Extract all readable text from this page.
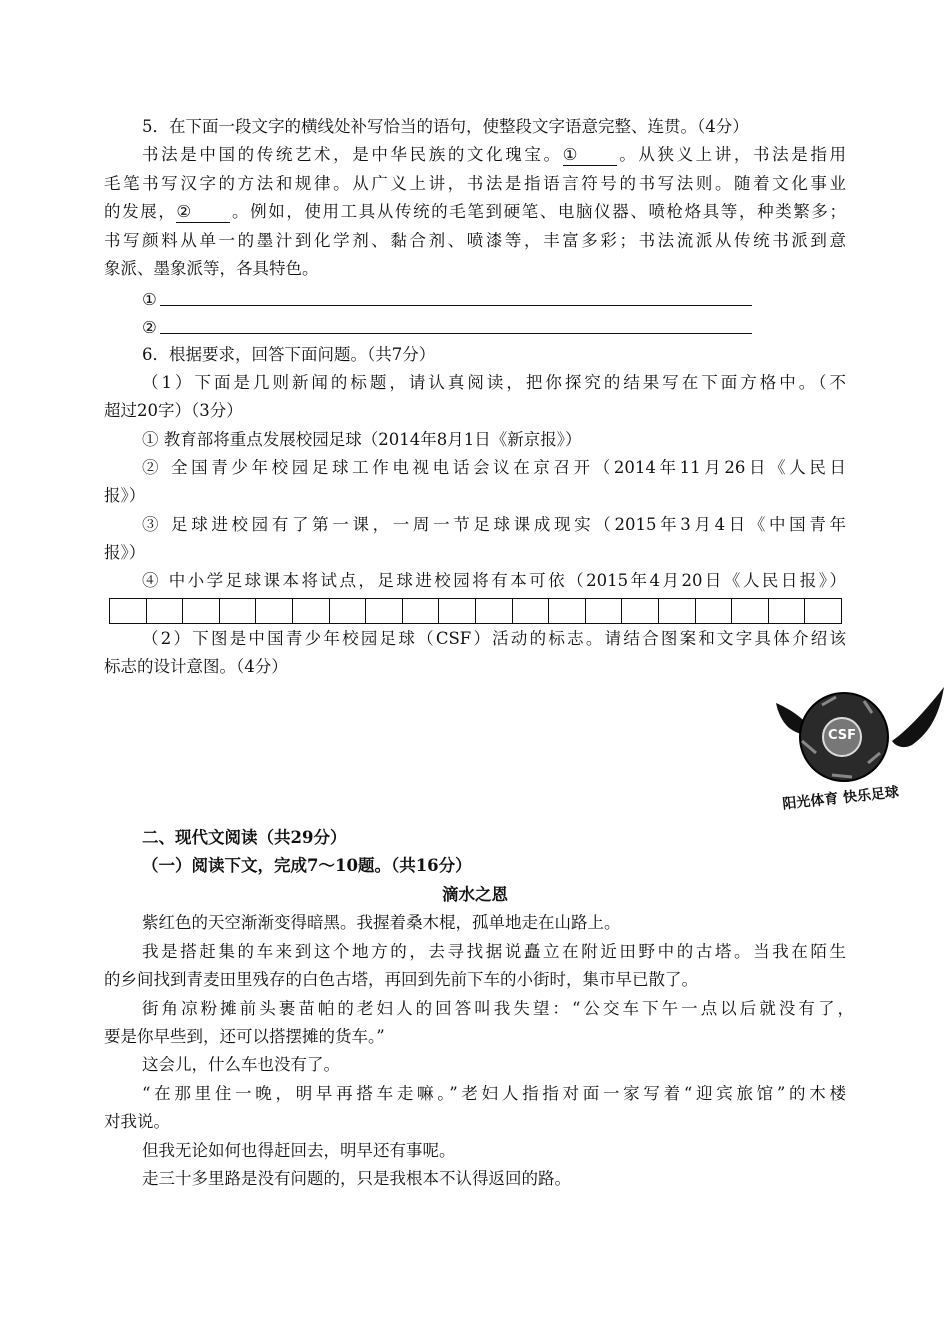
5．在下面一段文字的横线处补写恰当的语句，使整段文字语意完整、连贯。（4分）
书法是中国的传统艺术，是中华民族的文化瑰宝。① 。从狭义上讲，书法是指用
毛笔书写汉字的方法和规律。从广义上讲，书法是指语言符号的书写法则。随着文化事业
的发展，② 。例如，使用工具从传统的毛笔到硬笔、电脑仪器、喷枪烙具等，种类繁多；
书写颜料从单一的墨汁到化学剂、黏合剂、喷漆等，丰富多彩；书法流派从传统书派到意
象派、墨象派等，各具特色。
①
②
6．根据要求，回答下面问题。（共7分）
（1）下面是几则新闻的标题，请认真阅读，把你探究的结果写在下面方格中。（不
超过20字）（3分）
① 教育部将重点发展校园足球（2014年8月1日《新京报》）
② 全国青少年校园足球工作电视电话会议在京召开（2014年11月26日《人民日
报》）
③ 足球进校园有了第一课，一周一节足球课成现实（2015年3月4日《中国青年
报》）
④ 中小学足球课本将试点，足球进校园将有本可依（2015年4月20日《人民日报》）
（2）下图是中国青少年校园足球（CSF）活动的标志。请结合图案和文字具体介绍该
标志的设计意图。（4分）
CSF
阳光体育 快乐足球
二、现代文阅读（共29分）
（一）阅读下文，完成7～10题。（共16分）
滴水之恩
紫红色的天空渐渐变得暗黑。我握着桑木棍，孤单地走在山路上。
我是搭赶集的车来到这个地方的，去寻找据说矗立在附近田野中的古塔。当我在陌生
的乡间找到青麦田里残存的白色古塔，再回到先前下车的小街时，集市早已散了。
街角凉粉摊前头裹苗帕的老妇人的回答叫我失望：“公交车下午一点以后就没有了，
要是你早些到，还可以搭摆摊的货车。”
这会儿，什么车也没有了。
“在那里住一晚，明早再搭车走嘛。”老妇人指指对面一家写着“迎宾旅馆”的木楼
对我说。
但我无论如何也得赶回去，明早还有事呢。
走三十多里路是没有问题的，只是我根本不认得返回的路。
